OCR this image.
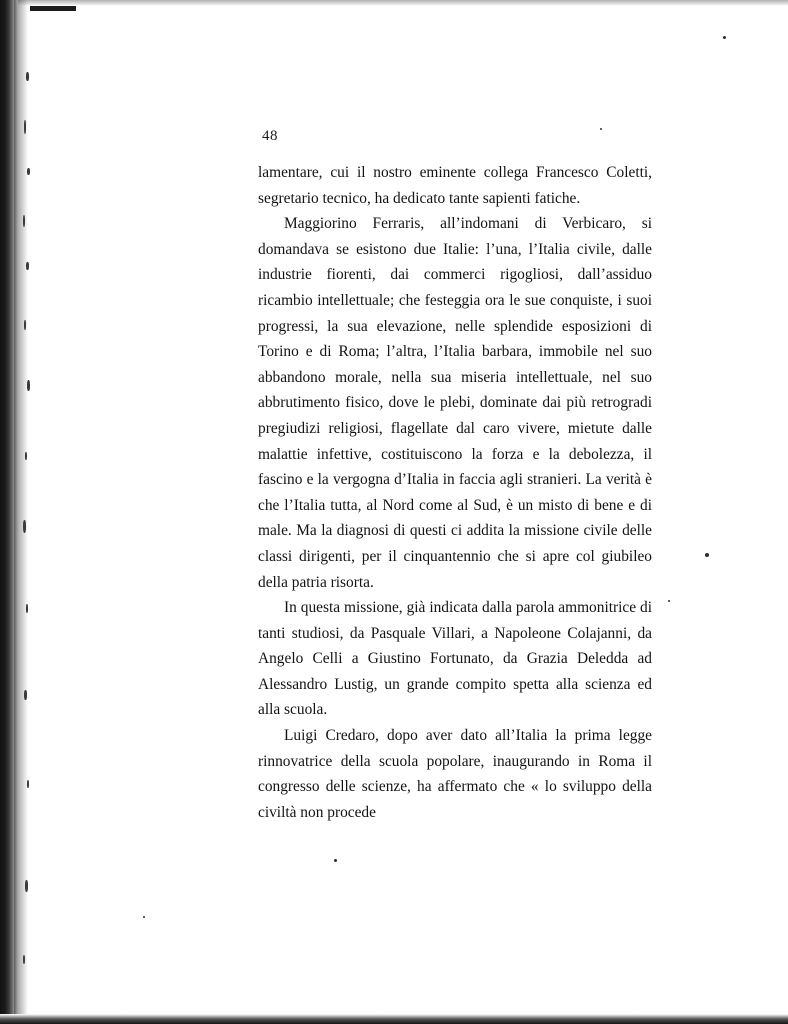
48

lamentare, cui il nostro eminente collega Francesco Coletti, segretario tecnico, ha dedicato tante sapienti fatiche.

Maggiorino Ferraris, all’indomani di Verbicaro, si domandava se esistono due Italie: l’una, l’Italia civile, dalle industrie fiorenti, dai commerci rigogliosi, dall’assiduo ricambio intellettuale; che festeggia ora le sue conquiste, i suoi progressi, la sua elevazione, nelle splendide esposizioni di Torino e di Roma; l’altra, l’Italia barbara, immobile nel suo abbandono morale, nella sua miseria intellettuale, nel suo abbrutimento fisico, dove le plebi, dominate dai più retrogradi pregiudizi religiosi, flagellate dal caro vivere, mietute dalle malattie infettive, costituiscono la forza e la debolezza, il fascino e la vergogna d’Italia in faccia agli stranieri. La verità è che l’Italia tutta, al Nord come al Sud, è un misto di bene e di male. Ma la diagnosi di questi ci addita la missione civile delle classi dirigenti, per il cinquantennio che si apre col giubileo della patria risorta.

In questa missione, già indicata dalla parola ammonitrice di tanti studiosi, da Pasquale Villari, a Napoleone Colajanni, da Angelo Celli a Giustino Fortunato, da Grazia Deledda ad Alessandro Lustig, un grande compito spetta alla scienza ed alla scuola.

Luigi Credaro, dopo aver dato all’Italia la prima legge rinnovatrice della scuola popolare, inaugurando in Roma il congresso delle scienze, ha affermato che « lo sviluppo della civiltà non procede
